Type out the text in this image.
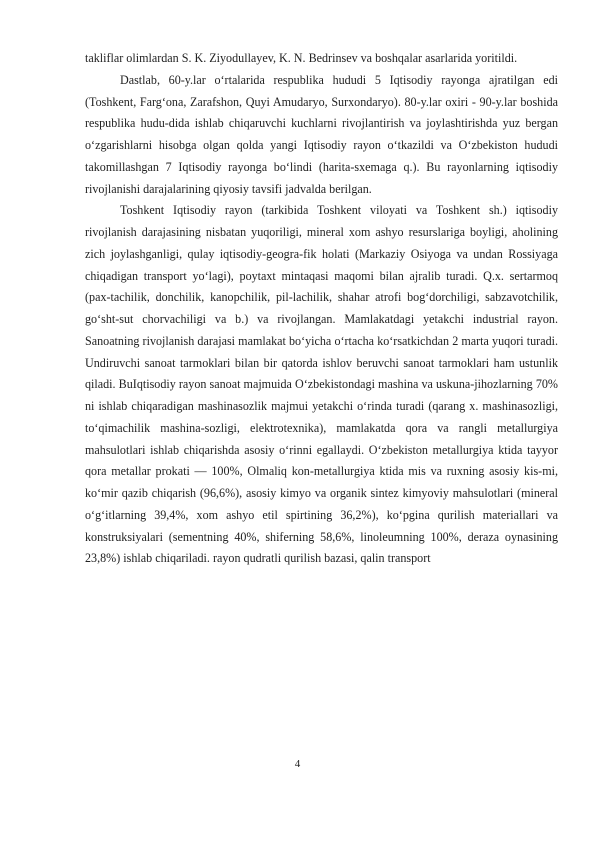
takliflar olimlardan S. K. Ziyodullayev, K. N. Bedrinsev va boshqalar asarlarida yoritildi.

Dastlab, 60-y.lar o‘rtalarida respublika hududi 5 Iqtisodiy rayonga ajratilgan edi (Toshkent, Farg‘ona, Zarafshon, Quyi Amudaryo, Surxondaryo). 80-y.lar oxiri - 90-y.lar boshida respublika hudu-dida ishlab chiqaruvchi kuchlarni rivojlantirish va joylashtirishda yuz bergan o‘zgarishlarni hisobga olgan qolda yangi Iqtisodiy rayon o‘tkazildi va O‘zbekiston hududi takomillashgan 7 Iqtisodiy rayonga bo‘lindi (harita-sxemaga q.). Bu rayonlarning iqtisodiy rivojlanishi darajalarining qiyosiy tavsifi jadvalda berilgan.

Toshkent Iqtisodiy rayon (tarkibida Toshkent viloyati va Toshkent sh.) iqtisodiy rivojlanish darajasining nisbatan yuqoriligi, mineral xom ashyo resurslariga boyligi, aholining zich joylashganligi, qulay iqtisodiy-geogra-fik holati (Markaziy Osiyoga va undan Rossiyaga chiqadigan transport yo‘lagi), poytaxt mintaqasi maqomi bilan ajralib turadi. Q.x. sertarmoq (pax-tachilik, donchilik, kanopchilik, pil-lachilik, shahar atrofi bog‘dorchiligi, sabzavotchilik, go‘sht-sut chorvachiligi va b.) va rivojlangan. Mamlakatdagi yetakchi industrial rayon. Sanoatning rivojlanish darajasi mamlakat bo‘yicha o‘rtacha ko‘rsatkichdan 2 marta yuqori turadi. Undiruvchi sanoat tarmoklari bilan bir qatorda ishlov beruvchi sanoat tarmoklari ham ustunlik qiladi. BuIqtisodiy rayon sanoat majmuida O‘zbekistondagi mashina va uskuna-jihozlarning 70% ni ishlab chiqaradigan mashinasozlik majmui yetakchi o‘rinda turadi (qarang x. mashinasozligi, to‘qimachilik mashina-sozligi, elektrotexnika), mamlakatda qora va rangli metallurgiya mahsulotlari ishlab chiqarishda asosiy o‘rinni egallaydi. O‘zbekiston metallurgiya ktida tayyor qora metallar prokati — 100%, Olmaliq kon-metallurgiya ktida mis va ruxning asosiy kis-mi, ko‘mir qazib chiqarish (96,6%), asosiy kimyo va organik sintez kimyoviy mahsulotlari (mineral o‘g‘itlarning 39,4%, xom ashyo etil spirtining 36,2%), ko‘pgina qurilish materiallari va konstruksiyalari (sementning 40%, shiferning 58,6%, linoleumning 100%, deraza oynasining 23,8%) ishlab chiqariladi. rayon qudratli qurilish bazasi, qalin transport

4
